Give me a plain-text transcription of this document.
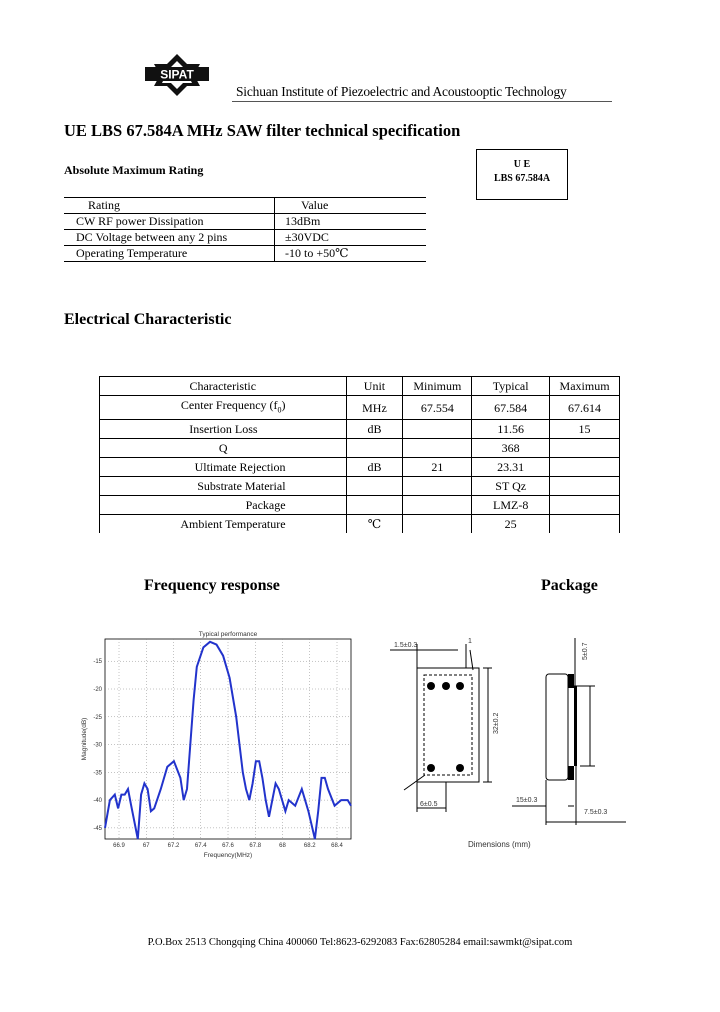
SIPAT
Sichuan Institute of Piezoelectric and Acoustooptic Technology
UE LBS 67.584A MHz SAW filter technical specification
U E
LBS 67.584A
Absolute Maximum Rating
Rating	Value
CW RF power Dissipation	13dBm
DC Voltage between any 2 pins	±30VDC
Operating Temperature	-10 to +50℃
Electrical Characteristic
Characteristic	Unit	Minimum	Typical	Maximum
Center Frequency $(f_0)$	MHz	67.554	67.584	67.614
Insertion Loss	dB		11.56	15
Q			368	
Ultimate Rejection	dB	21	23.31	
Substrate Material			ST Qz	
Package			LMZ-8	
Ambient Temperature	℃		25	
Frequency response	Package
-15
-20
-25
-30
-35
-40
-45
66.9	67	67.2	67.4	67.6	67.8	68	68.2	68.4
Typical performance
Frequency(MHz)
Magnitude(dB)
1.5±0.3
1
32±0.2
6±0.5
7.5±0.3
5±0.7
15±0.3
Dimensions (mm)
P.O.Box 2513 Chongqing China 400060 Tel:8623-6292083 Fax:62805284 email:sawmkt@sipat.com
